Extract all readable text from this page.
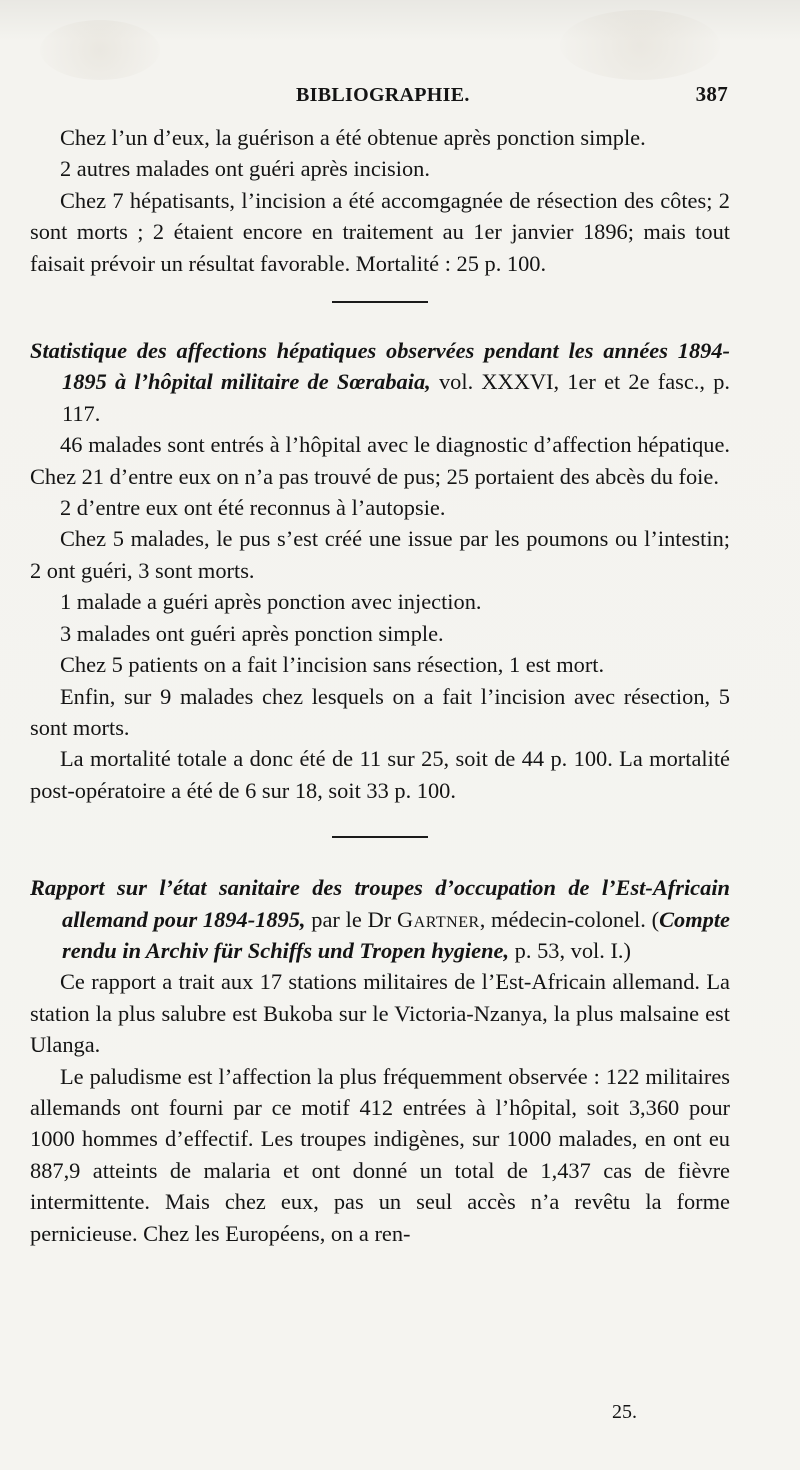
BIBLIOGRAPHIE.	387

Chez l’un d’eux, la guérison a été obtenue après ponction simple.

2 autres malades ont guéri après incision.

Chez 7 hépatisants, l’incision a été accomgagnée de résection des côtes; 2 sont morts ; 2 étaient encore en traitement au 1er janvier 1896; mais tout faisait prévoir un résultat favorable. Mortalité : 25 p. 100.

Statistique des affections hépatiques observées pendant les années 1894-1895 à l’hôpital militaire de Sœrabaia, vol. XXXVI, 1er et 2e fasc., p. 117.

46 malades sont entrés à l’hôpital avec le diagnostic d’affection hépatique. Chez 21 d’entre eux on n’a pas trouvé de pus; 25 portaient des abcès du foie.

2 d’entre eux ont été reconnus à l’autopsie.

Chez 5 malades, le pus s’est créé une issue par les poumons ou l’intestin; 2 ont guéri, 3 sont morts.

1 malade a guéri après ponction avec injection.

3 malades ont guéri après ponction simple.

Chez 5 patients on a fait l’incision sans résection, 1 est mort.

Enfin, sur 9 malades chez lesquels on a fait l’incision avec résection, 5 sont morts.

La mortalité totale a donc été de 11 sur 25, soit de 44 p. 100. La mortalité post-opératoire a été de 6 sur 18, soit 33 p. 100.

Rapport sur l’état sanitaire des troupes d’occupation de l’Est-Africain allemand pour 1894-1895, par le Dr Gartner, médecin-colonel. (Compte rendu in Archiv für Schiffs und Tropen hygiene, p. 53, vol. I.)

Ce rapport a trait aux 17 stations militaires de l’Est-Africain allemand. La station la plus salubre est Bukoba sur le Victoria-Nzanya, la plus malsaine est Ulanga.

Le paludisme est l’affection la plus fréquemment observée : 122 militaires allemands ont fourni par ce motif 412 entrées à l’hôpital, soit 3,360 pour 1000 hommes d’effectif. Les troupes indigènes, sur 1000 malades, en ont eu 887,9 atteints de malaria et ont donné un total de 1,437 cas de fièvre intermittente. Mais chez eux, pas un seul accès n’a revêtu la forme pernicieuse. Chez les Européens, on a ren-

25.
